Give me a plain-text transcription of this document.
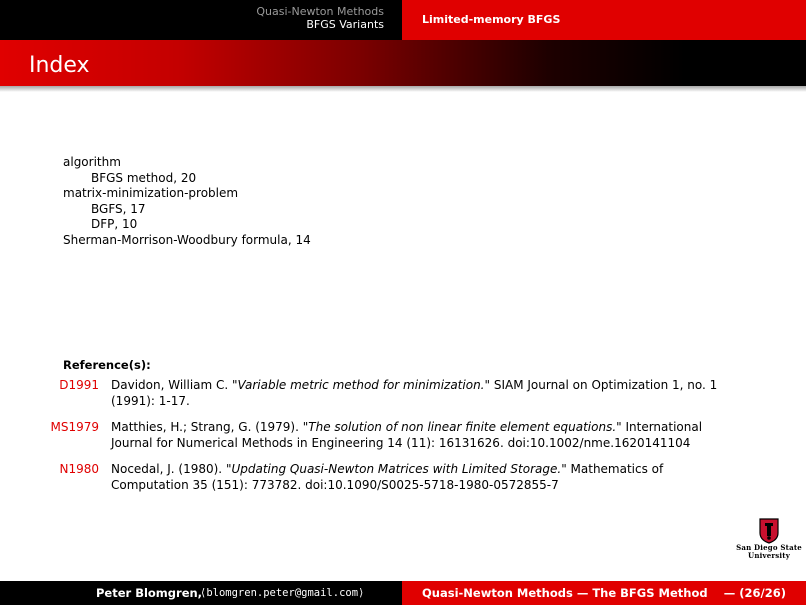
Quasi-Newton Methods
BFGS Variants	Limited-memory BFGS
Index
algorithm
BFGS method, 20
matrix-minimization-problem
BGFS, 17
DFP, 10
Sherman-Morrison-Woodbury formula, 14
Reference(s):
D1991 Davidon, William C. "Variable metric method for minimization." SIAM Journal on Optimization 1, no. 1 (1991): 1-17.
MS1979 Matthies, H.; Strang, G. (1979). "The solution of non linear finite element equations." International Journal for Numerical Methods in Engineering 14 (11): 16131626. doi:10.1002/nme.1620141104
N1980 Nocedal, J. (1980). "Updating Quasi-Newton Matrices with Limited Storage." Mathematics of Computation 35 (151): 773782. doi:10.1090/S0025-5718-1980-0572855-7
San Diego State
University
Peter Blomgren,
⟨blomgren.peter@gmail.com⟩	Quasi-Newton Methods — The BFGS Method — (26/26)
